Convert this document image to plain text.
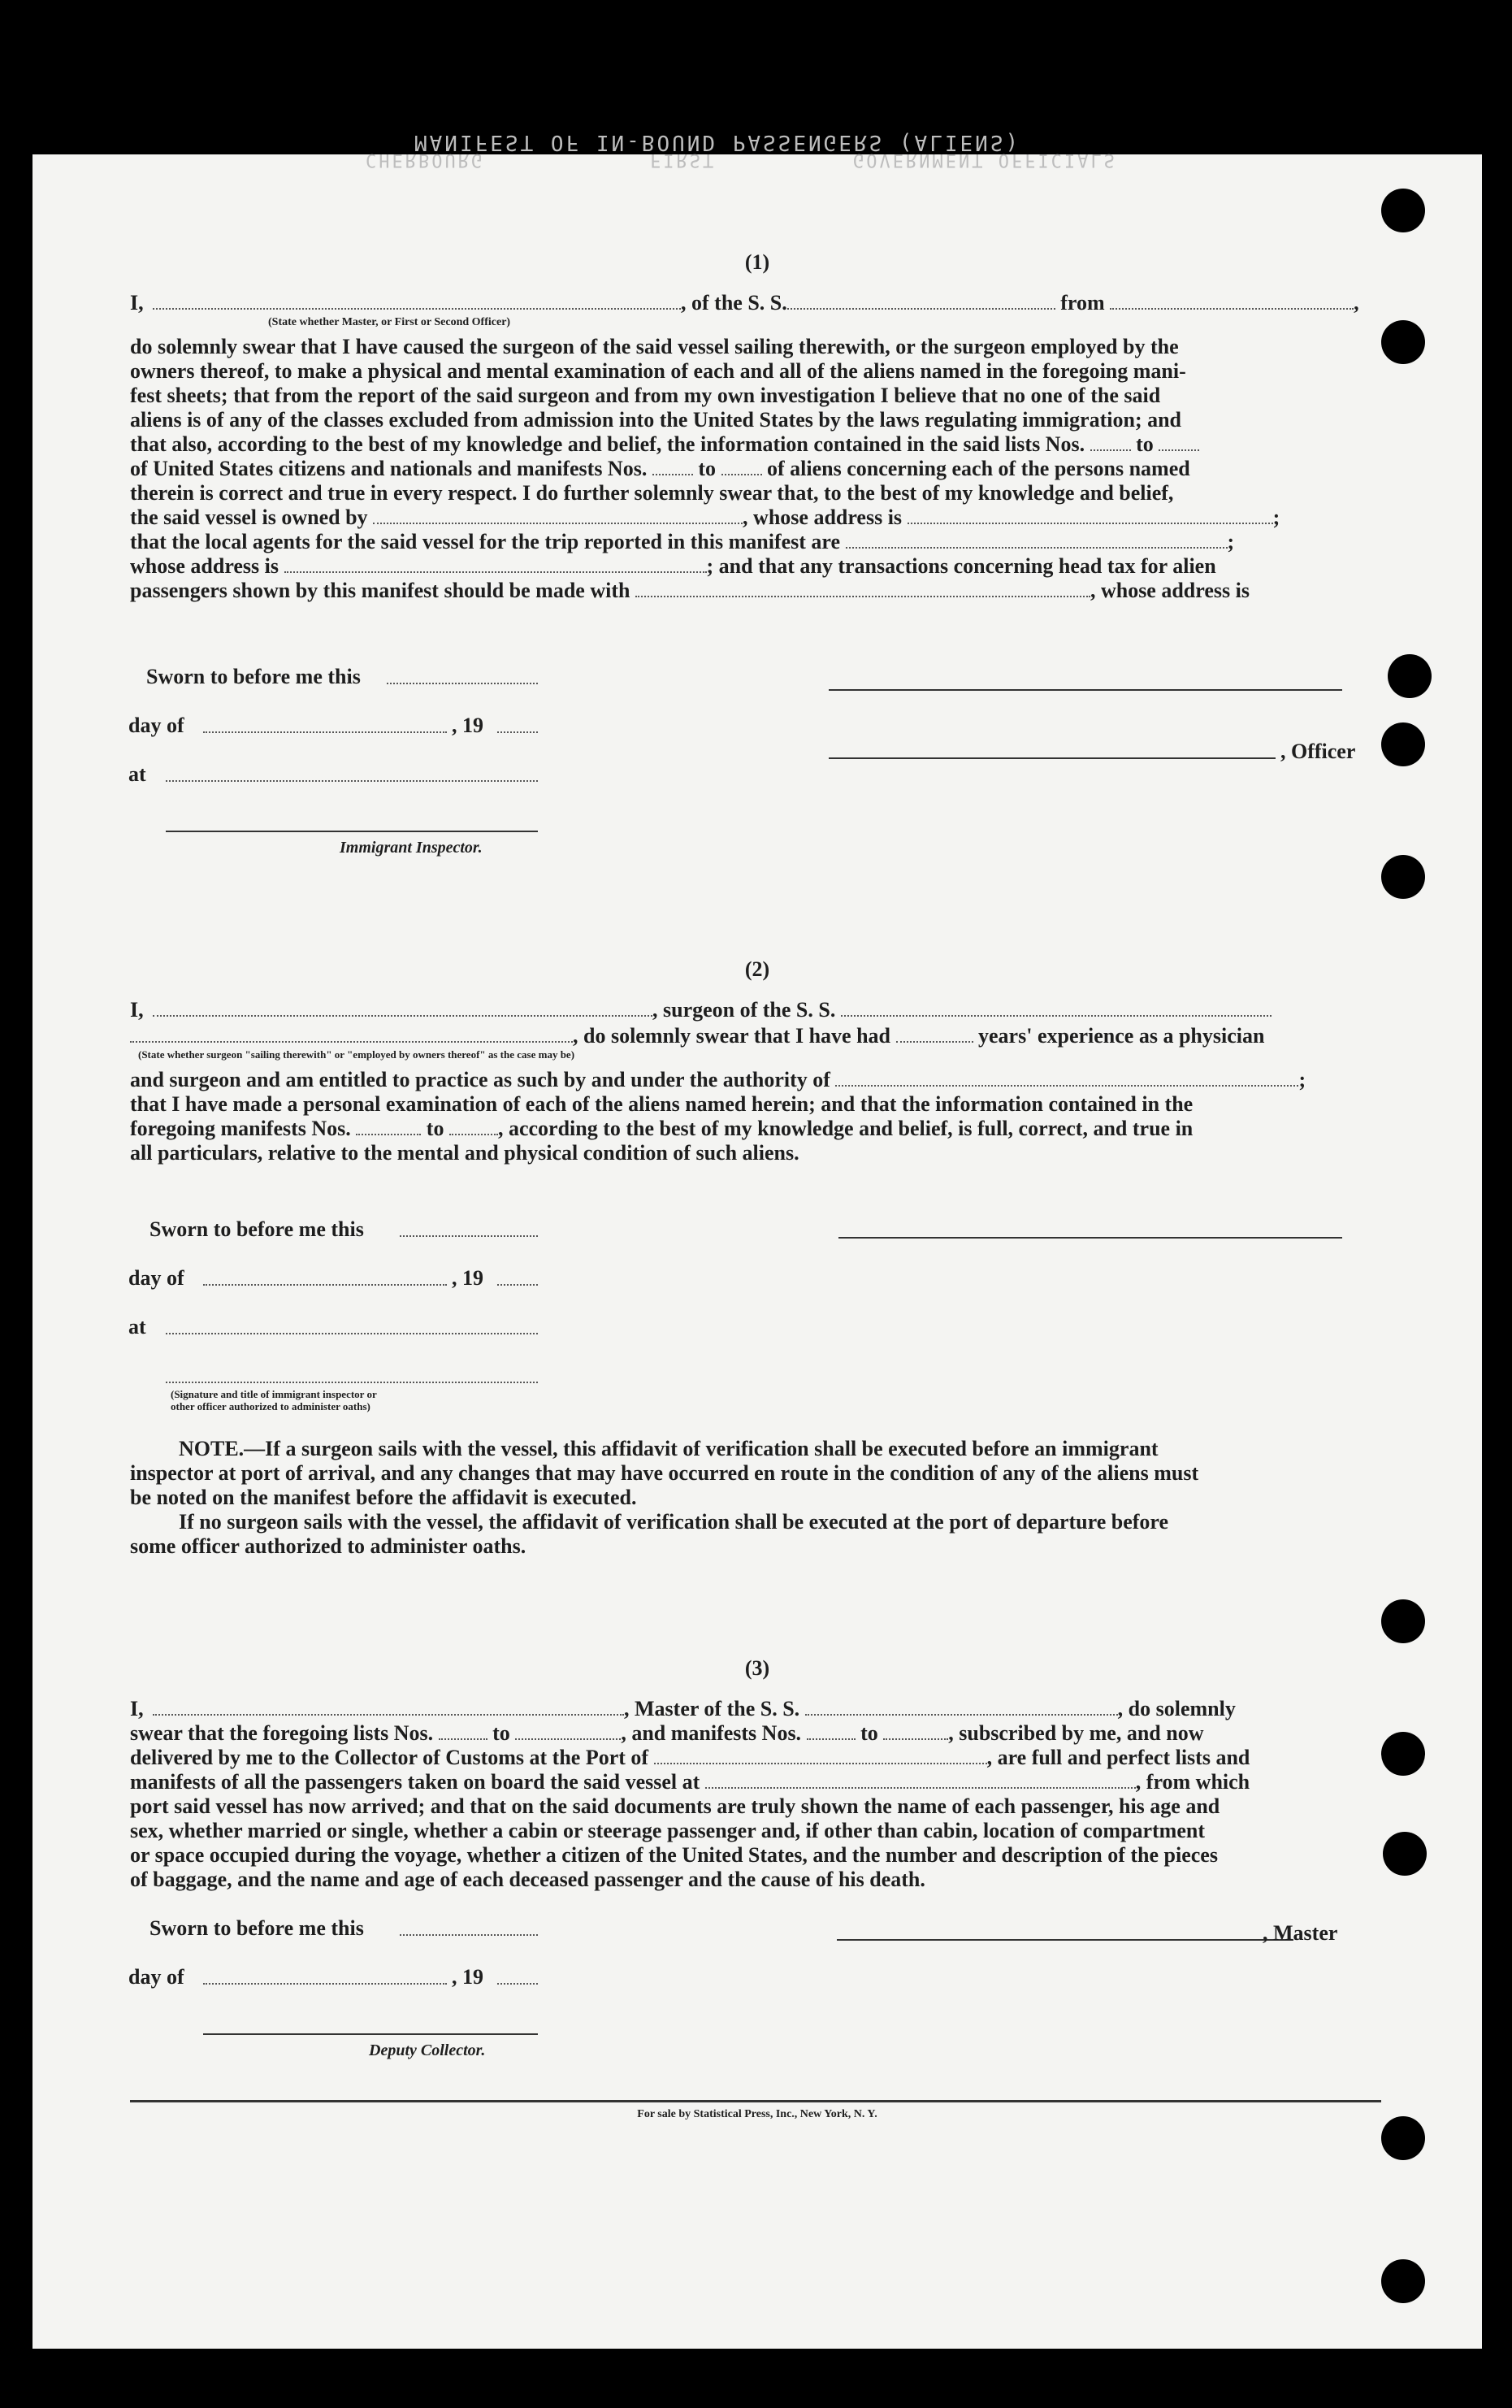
MANIFEST OF IN-BOUND PASSENGERS (ALIENS)
CHERBOURG	FIRST	GOVERNMENT OFFICIALS
(1)
I,	, of the S. S.	from	,
(State whether Master, or First or Second Officer)
do solemnly swear that I have caused the surgeon of the said vessel sailing therewith, or the surgeon employed by the
owners thereof, to make a physical and mental examination of each and all of the aliens named in the foregoing mani-
fest sheets; that from the report of the said surgeon and from my own investigation I believe that no one of the said
aliens is of any of the classes excluded from admission into the United States by the laws regulating immigration; and
that also, according to the best of my knowledge and belief, the information contained in the said lists Nos. to
of United States citizens and nationals and manifests Nos. to of aliens concerning each of the persons named
therein is correct and true in every respect. I do further solemnly swear that, to the best of my knowledge and belief,
the said vessel is owned by	, whose address is	;
that the local agents for the said vessel for the trip reported in this manifest are	;
whose address is	; and that any transactions concerning head tax for alien
passengers shown by this manifest should be made with	, whose address is
Sworn to before me this
day of	, 19
at
Immigrant Inspector.
, Officer
(2)
I,	, surgeon of the S. S.
, do solemnly swear that I have had	years' experience as a physician
(State whether surgeon "sailing therewith" or "employed by owners thereof" as the case may be)
and surgeon and am entitled to practice as such by and under the authority of	;
that I have made a personal examination of each of the aliens named herein; and that the information contained in the
foregoing manifests Nos.	to	, according to the best of my knowledge and belief, is full, correct, and true in
all particulars, relative to the mental and physical condition of such aliens.
Sworn to before me this
day of	, 19
at
(Signature and title of immigrant inspector or
other officer authorized to administer oaths)
NOTE.—If a surgeon sails with the vessel, this affidavit of verification shall be executed before an immigrant
inspector at port of arrival, and any changes that may have occurred en route in the condition of any of the aliens must
be noted on the manifest before the affidavit is executed.
If no surgeon sails with the vessel, the affidavit of verification shall be executed at the port of departure before
some officer authorized to administer oaths.
(3)
I,	, Master of the S. S.	, do solemnly
swear that the foregoing lists Nos.	to	, and manifests Nos.	to	, subscribed by me, and now
delivered by me to the Collector of Customs at the Port of	, are full and perfect lists and
manifests of all the passengers taken on board the said vessel at	, from which
port said vessel has now arrived; and that on the said documents are truly shown the name of each passenger, his age and
sex, whether married or single, whether a cabin or steerage passenger and, if other than cabin, location of compartment
or space occupied during the voyage, whether a citizen of the United States, and the number and description of the pieces
of baggage, and the name and age of each deceased passenger and the cause of his death.
Sworn to before me this
day of	, 19
Deputy Collector.
, Master
For sale by Statistical Press, Inc., New York, N. Y.
